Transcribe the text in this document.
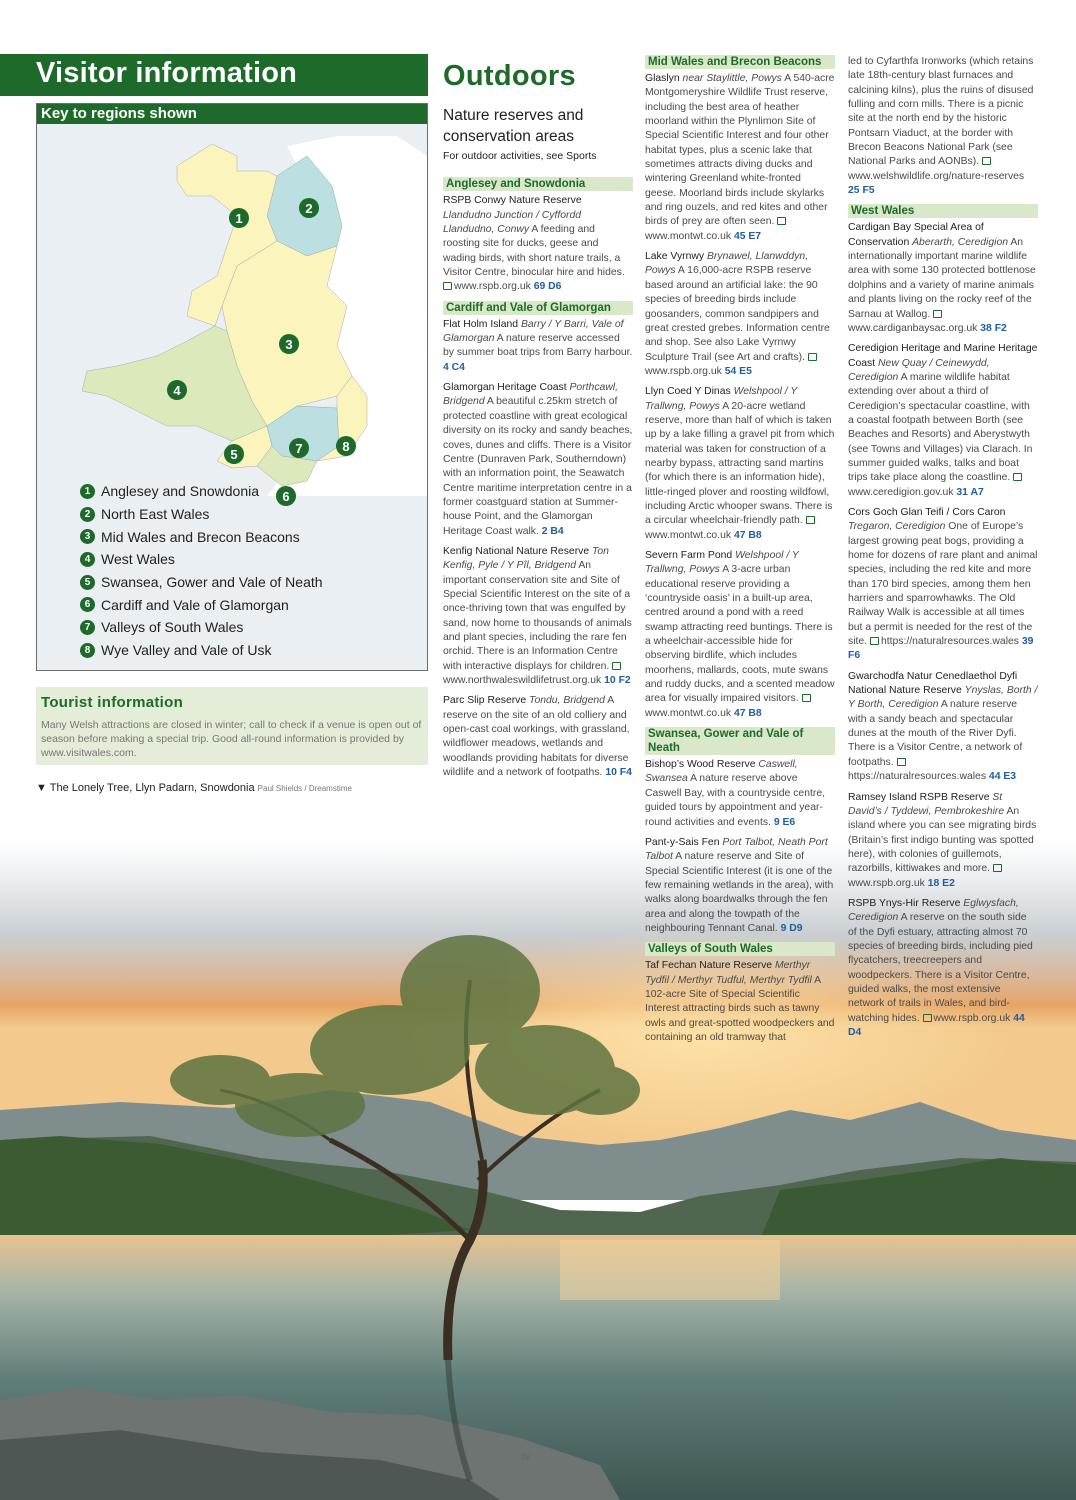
Visitor information
Key to regions shown
1
2
3
4
5
6
7	8
1 Anglesey and Snowdonia
2 North East Wales
3 Mid Wales and Brecon Beacons
4 West Wales
5 Swansea, Gower and Vale of Neath
6 Cardiff and Vale of Glamorgan
7 Valleys of South Wales
8 Wye Valley and Vale of Usk
Tourist information

Many Welsh attractions are closed in winter; call to check if a venue is open out of season before making a special trip. Good all-round information is provided by www.visitwales.com.

▼ The Lonely Tree, Llyn Padarn, Snowdonia Paul Shields / Dreamstime
Outdoors
Nature reserves and conservation areas
For outdoor activities, see Sports
Anglesey and Snowdonia

RSPB Conwy Nature Reserve Llandudno Junction / Cyffordd Llandudno, Conwy A feeding and roosting site for ducks, geese and wading birds, with short nature trails, a Visitor Centre, binocular hire and hides. www.rspb.org.uk 69 D6

Cardiff and Vale of Glamorgan

Flat Holm Island Barry / Y Barri, Vale of Glamorgan A nature reserve accessed by summer boat trips from Barry harbour. 4 C4

Glamorgan Heritage Coast Porthcawl, Bridgend A beautiful c.25km stretch of protected coastline with great ecological diversity on its rocky and sandy beaches, coves, dunes and cliffs. There is a Visitor Centre (Dunraven Park, Southerndown) with an information point, the Seawatch Centre maritime interpretation centre in a former coastguard station at Summer-house Point, and the Glamorgan Heritage Coast walk. 2 B4

Kenfig National Nature Reserve Ton Kenfig, Pyle / Y Pîl, Bridgend An important conservation site and Site of Special Scientific Interest on the site of a once-thriving town that was engulfed by sand, now home to thousands of animals and plant species, including the rare fen orchid. There is an Information Centre with interactive displays for children. www.northwaleswildlifetrust.org.uk 10 F2

Parc Slip Reserve Tondu, Bridgend A reserve on the site of an old colliery and open-cast coal workings, with grassland, wildflower meadows, wetlands and woodlands providing habitats for diverse wildlife and a network of footpaths. 10 F4

Mid Wales and Brecon Beacons

Glaslyn near Staylittle, Powys A 540-acre Montgomeryshire Wildlife Trust reserve, including the best area of heather moorland within the Plynlimon Site of Special Scientific Interest and four other habitat types, plus a scenic lake that sometimes attracts diving ducks and wintering Greenland white-fronted geese. Moorland birds include skylarks and ring ouzels, and red kites and other birds of prey are often seen. www.montwt.co.uk 45 E7

Lake Vyrnwy Brynawel, Llanwddyn, Powys A 16,000-acre RSPB reserve based around an artificial lake: the 90 species of breeding birds include goosanders, common sandpipers and great crested grebes. Information centre and shop. See also Lake Vyrnwy Sculpture Trail (see Art and crafts). www.rspb.org.uk 54 E5

Llyn Coed Y Dinas Welshpool / Y Trallwng, Powys A 20-acre wetland reserve, more than half of which is taken up by a lake filling a gravel pit from which material was taken for construction of a nearby bypass, attracting sand martins (for which there is an information hide), little-ringed plover and roosting wildfowl, including Arctic whooper swans. There is a circular wheelchair-friendly path. www.montwt.co.uk 47 B8

Severn Farm Pond Welshpool / Y Trallwng, Powys A 3-acre urban educational reserve providing a ‘countryside oasis’ in a built-up area, centred around a pond with a reed swamp attracting reed buntings. There is a wheelchair-accessible hide for observing birdlife, which includes moorhens, mallards, coots, mute swans and ruddy ducks, and a scented meadow area for visually impaired visitors. www.montwt.co.uk 47 B8

Swansea, Gower and Vale of Neath

Bishop’s Wood Reserve Caswell, Swansea A nature reserve above Caswell Bay, with a countryside centre, guided tours by appointment and year-round activities and events. 9 E6

Pant-y-Sais Fen Port Talbot, Neath Port Talbot A nature reserve and Site of Special Scientific Interest (it is one of the few remaining wetlands in the area), with walks along boardwalks through the fen area and along the towpath of the neighbouring Tennant Canal. 9 D9

Valleys of South Wales

Taf Fechan Nature Reserve Merthyr Tydfil / Merthyr Tudful, Merthyr Tydfil A 102-acre Site of Special Scientific Interest attracting birds such as tawny owls and great-spotted woodpeckers and containing an old tramway that

led to Cyfarthfa Ironworks (which retains late 18th-century blast furnaces and calcining kilns), plus the ruins of disused fulling and corn mills. There is a picnic site at the north end by the historic Pontsarn Viaduct, at the border with Brecon Beacons National Park (see National Parks and AONBs). www.welshwildlife.org/nature-reserves 25 F5

West Wales

Cardigan Bay Special Area of Conservation Aberarth, Ceredigion An internationally important marine wildlife area with some 130 protected bottlenose dolphins and a variety of marine animals and plants living on the rocky reef of the Sarnau at Wallog. www.cardiganbaysac.org.uk 38 F2

Ceredigion Heritage and Marine Heritage Coast New Quay / Ceinewydd, Ceredigion A marine wildlife habitat extending over about a third of Ceredigion’s spectacular coastline, with a coastal footpath between Borth (see Beaches and Resorts) and Aberystwyth (see Towns and Villages) via Clarach. In summer guided walks, talks and boat trips take place along the coastline. www.ceredigion.gov.uk 31 A7

Cors Goch Glan Teifi / Cors Caron Tregaron, Ceredigion One of Europe’s largest growing peat bogs, providing a home for dozens of rare plant and animal species, including the red kite and more than 170 bird species, among them hen harriers and sparrowhawks. The Old Railway Walk is accessible at all times but a permit is needed for the rest of the site. https://naturalresources.wales 39 F6

Gwarchodfa Natur Cenedlaethol Dyfi National Nature Reserve Ynyslas, Borth / Y Borth, Ceredigion A nature reserve with a sandy beach and spectacular dunes at the mouth of the River Dyfi. There is a Visitor Centre, a network of footpaths. https://naturalresources.wales 44 E3

Ramsey Island RSPB Reserve St David’s / Tyddewi, Pembrokeshire An island where you can see migrating birds (Britain’s first indigo bunting was spotted here), with colonies of guillemots, razorbills, kittiwakes and more. www.rspb.org.uk 18 E2

RSPB Ynys-Hir Reserve Eglwysfach, Ceredigion A reserve on the south side of the Dyfi estuary, attracting almost 70 species of breeding birds, including pied flycatchers, treecreepers and woodpeckers. There is a Visitor Centre, guided walks, the most extensive network of trails in Wales, and bird-watching hides. www.rspb.org.uk 44 D4

IV
